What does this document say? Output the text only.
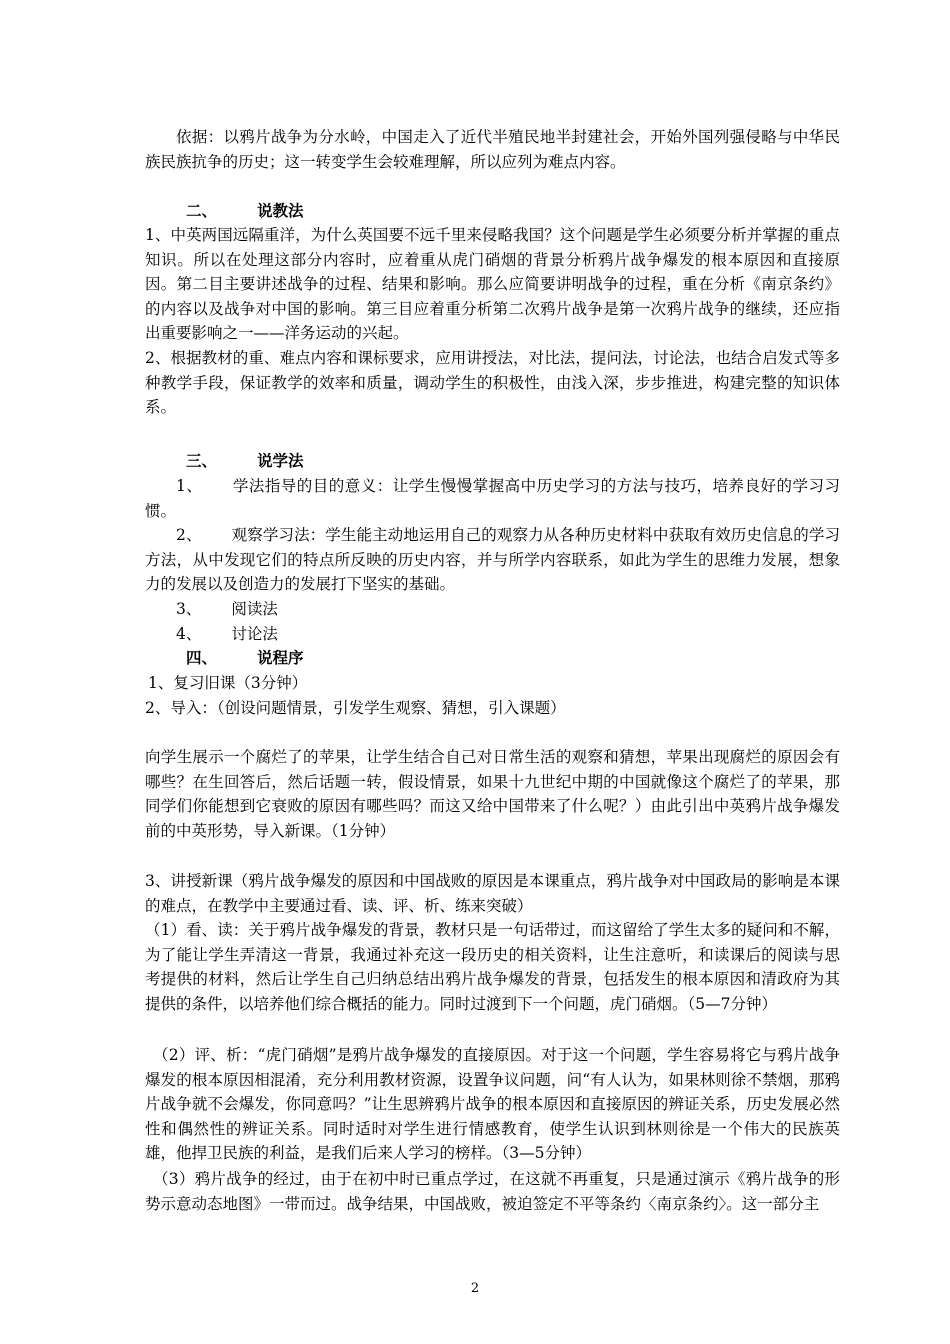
依据：以鸦片战争为分水岭，中国走入了近代半殖民地半封建社会，开始外国列强侵略与中华民族民族抗争的历史；这一转变学生会较难理解，所以应列为难点内容。

二、	说教法

1、中英两国远隔重洋，为什么英国要不远千里来侵略我国？这个问题是学生必须要分析并掌握的重点知识。所以在处理这部分内容时，应着重从虎门硝烟的背景分析鸦片战争爆发的根本原因和直接原因。第二目主要讲述战争的过程、结果和影响。那么应简要讲明战争的过程，重在分析《南京条约》的内容以及战争对中国的影响。第三目应着重分析第二次鸦片战争是第一次鸦片战争的继续，还应指出重要影响之一——洋务运动的兴起。

2、根据教材的重、难点内容和课标要求，应用讲授法，对比法，提问法，讨论法，也结合启发式等多种教学手段，保证教学的效率和质量，调动学生的积极性，由浅入深，步步推进，构建完整的知识体系。

三、	说学法

1、 学法指导的目的意义：让学生慢慢掌握高中历史学习的方法与技巧，培养良好的学习习惯。

2、 观察学习法：学生能主动地运用自己的观察力从各种历史材料中获取有效历史信息的学习方法，从中发现它们的特点所反映的历史内容，并与所学内容联系，如此为学生的思维力发展，想象力的发展以及创造力的发展打下坚实的基础。

3、 阅读法

4、 讨论法

四、	说程序

1、复习旧课（3分钟）

2、导入：（创设问题情景，引发学生观察、猜想，引入课题）

向学生展示一个腐烂了的苹果，让学生结合自己对日常生活的观察和猜想，苹果出现腐烂的原因会有哪些？在生回答后，然后话题一转，假设情景，如果十九世纪中期的中国就像这个腐烂了的苹果，那同学们你能想到它衰败的原因有哪些吗？而这又给中国带来了什么呢？）由此引出中英鸦片战争爆发前的中英形势，导入新课。（1分钟）

3、讲授新课（鸦片战争爆发的原因和中国战败的原因是本课重点，鸦片战争对中国政局的影响是本课的难点，在教学中主要通过看、读、评、析、练来突破）

（1）看、读：关于鸦片战争爆发的背景，教材只是一句话带过，而这留给了学生太多的疑问和不解，为了能让学生弄清这一背景，我通过补充这一段历史的相关资料，让生注意听，和读课后的阅读与思考提供的材料，然后让学生自己归纳总结出鸦片战争爆发的背景，包括发生的根本原因和清政府为其提供的条件，以培养他们综合概括的能力。同时过渡到下一个问题，虎门硝烟。（5—7分钟）

（2）评、析：“虎门硝烟”是鸦片战争爆发的直接原因。对于这一个问题，学生容易将它与鸦片战争爆发的根本原因相混淆，充分利用教材资源，设置争议问题，问“有人认为，如果林则徐不禁烟，那鸦片战争就不会爆发，你同意吗？”让生思辨鸦片战争的根本原因和直接原因的辨证关系，历史发展必然性和偶然性的辨证关系。同时适时对学生进行情感教育，使学生认识到林则徐是一个伟大的民族英雄，他捍卫民族的利益，是我们后来人学习的榜样。（3—5分钟）

（3）鸦片战争的经过，由于在初中时已重点学过，在这就不再重复，只是通过演示《鸦片战争的形势示意动态地图》一带而过。战争结果，中国战败，被迫签定不平等条约〈南京条约〉。这一部分主

2
